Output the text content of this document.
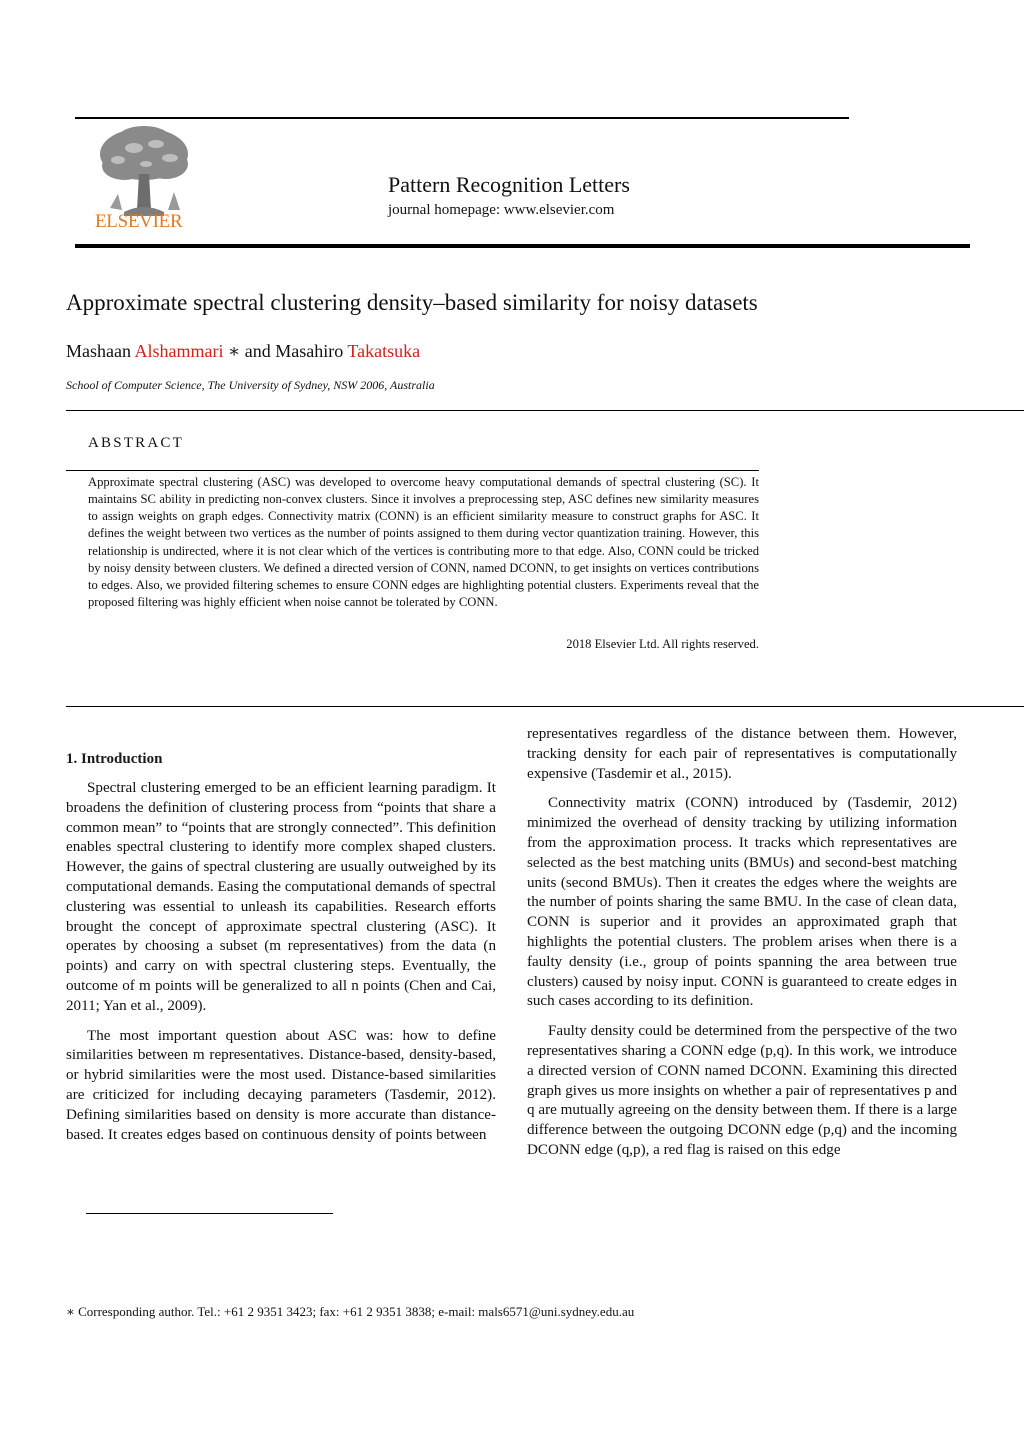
ELSEVIER
Pattern Recognition Letters
journal homepage: www.elsevier.com
Approximate spectral clustering density–based similarity for noisy datasets
Mashaan Alshammari ∗ and Masahiro Takatsuka
School of Computer Science, The University of Sydney, NSW 2006, Australia
ABSTRACT
Approximate spectral clustering (ASC) was developed to overcome heavy computational demands of spectral clustering (SC). It maintains SC ability in predicting non-convex clusters. Since it involves a preprocessing step, ASC defines new similarity measures to assign weights on graph edges. Connectivity matrix (CONN) is an efficient similarity measure to construct graphs for ASC. It defines the weight between two vertices as the number of points assigned to them during vector quantization training. However, this relationship is undirected, where it is not clear which of the vertices is contributing more to that edge. Also, CONN could be tricked by noisy density between clusters. We defined a directed version of CONN, named DCONN, to get insights on vertices contributions to edges. Also, we provided filtering schemes to ensure CONN edges are highlighting potential clusters. Experiments reveal that the proposed filtering was highly efficient when noise cannot be tolerated by CONN.
2018 Elsevier Ltd. All rights reserved.
1. Introduction

Spectral clustering emerged to be an efficient learning paradigm. It broadens the definition of clustering process from “points that share a common mean” to “points that are strongly connected”. This definition enables spectral clustering to identify more complex shaped clusters. However, the gains of spectral clustering are usually outweighed by its computational demands. Easing the computational demands of spectral clustering was essential to unleash its capabilities. Research efforts brought the concept of approximate spectral clustering (ASC). It operates by choosing a subset (m representatives) from the data (n points) and carry on with spectral clustering steps. Eventually, the outcome of m points will be generalized to all n points (Chen and Cai, 2011; Yan et al., 2009).

The most important question about ASC was: how to define similarities between m representatives. Distance-based, density-based, or hybrid similarities were the most used. Distance-based similarities are criticized for including decaying parameters (Tasdemir, 2012). Defining similarities based on density is more accurate than distance-based. It creates edges based on continuous density of points between

representatives regardless of the distance between them. However, tracking density for each pair of representatives is computationally expensive (Tasdemir et al., 2015).

Connectivity matrix (CONN) introduced by (Tasdemir, 2012) minimized the overhead of density tracking by utilizing information from the approximation process. It tracks which representatives are selected as the best matching units (BMUs) and second-best matching units (second BMUs). Then it creates the edges where the weights are the number of points sharing the same BMU. In the case of clean data, CONN is superior and it provides an approximated graph that highlights the potential clusters. The problem arises when there is a faulty density (i.e., group of points spanning the area between true clusters) caused by noisy input. CONN is guaranteed to create edges in such cases according to its definition.

Faulty density could be determined from the perspective of the two representatives sharing a CONN edge (p,q). In this work, we introduce a directed version of CONN named DCONN. Examining this directed graph gives us more insights on whether a pair of representatives p and q are mutually agreeing on the density between them. If there is a large difference between the outgoing DCONN edge (p,q) and the incoming DCONN edge (q,p), a red flag is raised on this edge

∗ Corresponding author. Tel.: +61 2 9351 3423; fax: +61 2 9351 3838; e-mail: mals6571@uni.sydney.edu.au
